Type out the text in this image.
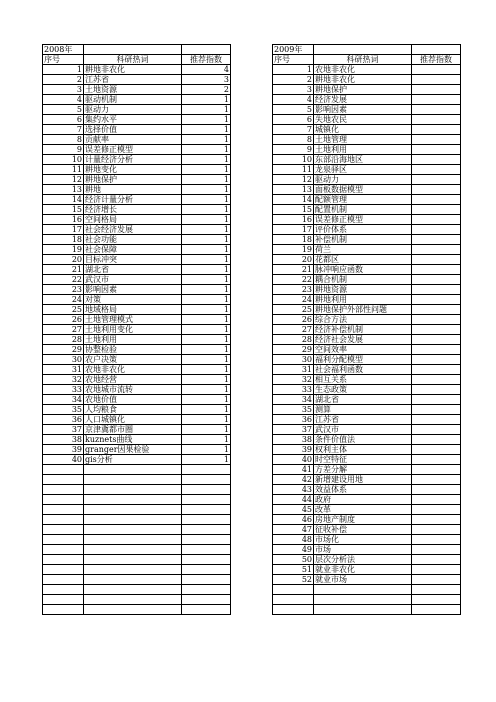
2008年				2009年		
序号	科研热词	推荐指数		序号	科研热词	推荐指数
1	耕地非农化	4		1	农地非农化	
2	江苏省	3		2	耕地非农化	
3	土地资源	2		3	耕地保护	
4	驱动机制	1		4	经济发展	
5	驱动力	1		5	影响因素	
6	集约水平	1		6	失地农民	
7	选择价值	1		7	城镇化	
8	贡献率	1		8	土地管理	
9	误差修正模型	1		9	土地利用	
10	计量经济分析	1		10	东部沿海地区	
11	耕地变化	1		11	龙泉驿区	
12	耕地保护	1		12	驱动力	
13	耕地	1		13	面板数据模型	
14	经济计量分析	1		14	配额管理	
15	经济增长	1		15	配置机制	
16	空间格局	1		16	误差修正模型	
17	社会经济发展	1		17	评价体系	
18	社会功能	1		18	补偿机制	
19	社会保障	1		19	荷兰	
20	目标冲突	1		20	花都区	
21	湖北省	1		21	脉冲响应函数	
22	武汉市	1		22	耦合机制	
23	影响因素	1		23	耕地资源	
24	对策	1		24	耕地利用	
25	地域格局	1		25	耕地保护外部性问题	
26	土地管理模式	1		26	综合方法	
27	土地利用变化	1		27	经济补偿机制	
28	土地利用	1		28	经济社会发展	
29	协整检验	1		29	空间效率	
30	农户决策	1		30	福利分配模型	
31	农地非农化	1		31	社会福利函数	
32	农地经营	1		32	相互关系	
33	农地城市流转	1		33	生态政策	
34	农地价值	1		34	湖北省	
35	人均粮食	1		35	测算	
36	人口城镇化	1		36	江苏省	
37	京津冀都市圈	1		37	武汉市	
38	kuznets曲线	1		38	条件价值法	
39	granger因果检验	1		39	权利主体	
40	gis分析	1		40	时空特征	
				41	方差分解	
				42	新增建设用地	
				43	效益体系	
				44	政府	
				45	改革	
				46	房地产制度	
				47	征收补偿	
				48	市场化	
				49	市场	
				50	层次分析法	
				51	就业非农化	
				52	就业市场	
